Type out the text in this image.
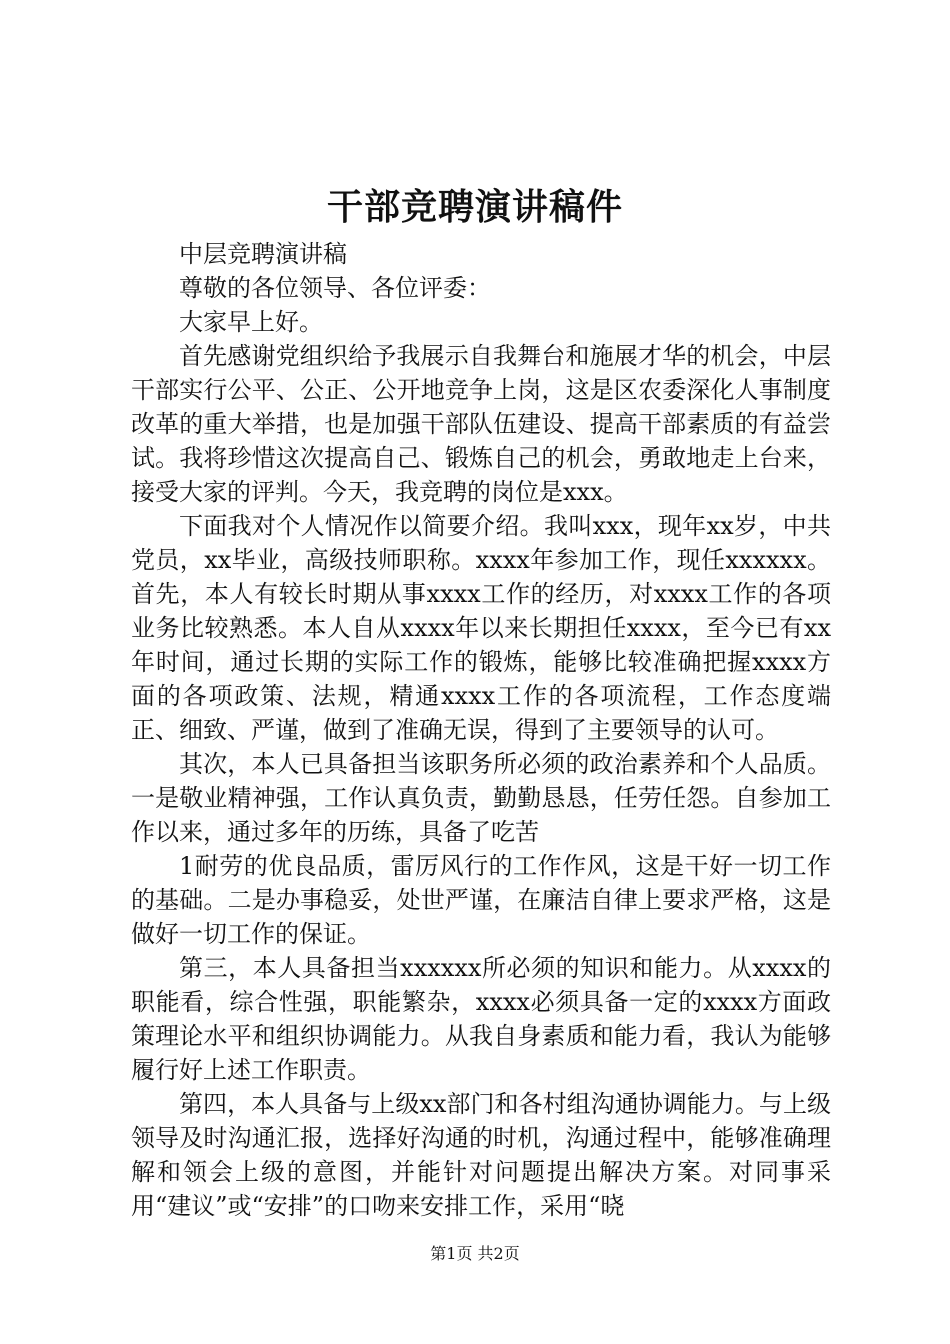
干部竞聘演讲稿件

中层竞聘演讲稿

尊敬的各位领导、各位评委：

大家早上好。

首先感谢党组织给予我展示自我舞台和施展才华的机会，中层干部实行公平、公正、公开地竞争上岗，这是区农委深化人事制度改革的重大举措，也是加强干部队伍建设、提高干部素质的有益尝试。我将珍惜这次提高自己、锻炼自己的机会，勇敢地走上台来，接受大家的评判。今天，我竞聘的岗位是xxx。

下面我对个人情况作以简要介绍。我叫xxx，现年xx岁，中共党员，xx毕业，高级技师职称。xxxx年参加工作，现任xxxxxx。首先，本人有较长时期从事xxxx工作的经历，对xxxx工作的各项业务比较熟悉。本人自从xxxx年以来长期担任xxxx，至今已有xx年时间，通过长期的实际工作的锻炼，能够比较准确把握xxxx方面的各项政策、法规，精通xxxx工作的各项流程，工作态度端正、细致、严谨，做到了准确无误，得到了主要领导的认可。

其次，本人已具备担当该职务所必须的政治素养和个人品质。一是敬业精神强，工作认真负责，勤勤恳恳，任劳任怨。自参加工作以来，通过多年的历练，具备了吃苦

1耐劳的优良品质，雷厉风行的工作作风，这是干好一切工作的基础。二是办事稳妥，处世严谨，在廉洁自律上要求严格，这是做好一切工作的保证。

第三，本人具备担当xxxxxx所必须的知识和能力。从xxxx的职能看，综合性强，职能繁杂，xxxx必须具备一定的xxxx方面政策理论水平和组织协调能力。从我自身素质和能力看，我认为能够履行好上述工作职责。

第四，本人具备与上级xx部门和各村组沟通协调能力。与上级领导及时沟通汇报，选择好沟通的时机，沟通过程中，能够准确理解和领会上级的意图，并能针对问题提出解决方案。对同事采用“建议”或“安排”的口吻来安排工作，采用“晓

第1页 共2页
